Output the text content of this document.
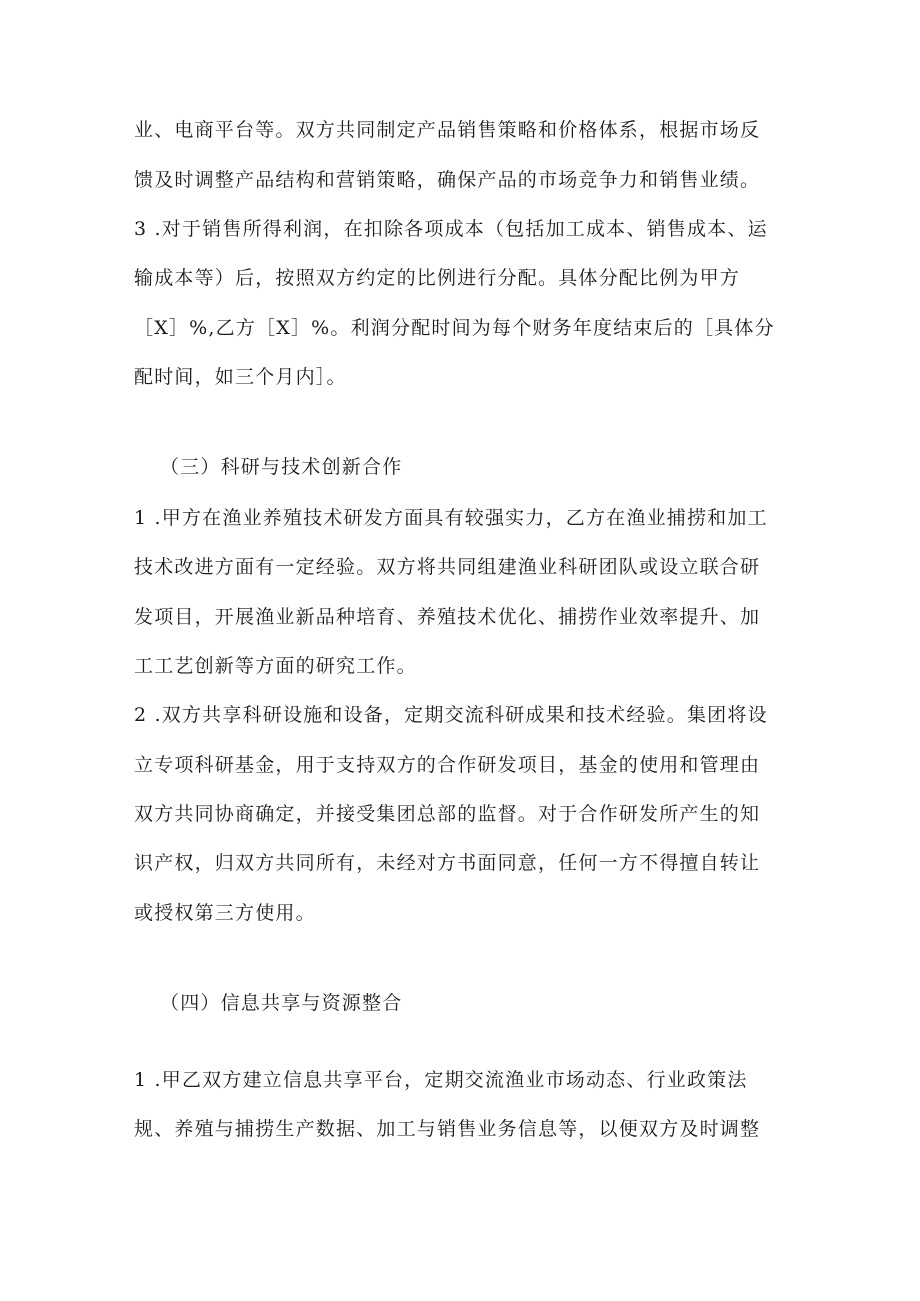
业、电商平台等。双方共同制定产品销售策略和价格体系，根据市场反
馈及时调整产品结构和营销策略，确保产品的市场竞争力和销售业绩。
3 .对于销售所得利润，在扣除各项成本（包括加工成本、销售成本、运
输成本等）后，按照双方约定的比例进行分配。具体分配比例为甲方
［X］%,乙方［X］%。利润分配时间为每个财务年度结束后的［具体分
配时间，如三个月内］。
（三）科研与技术创新合作
1 .甲方在渔业养殖技术研发方面具有较强实力，乙方在渔业捕捞和加工
技术改进方面有一定经验。双方将共同组建渔业科研团队或设立联合研
发项目，开展渔业新品种培育、养殖技术优化、捕捞作业效率提升、加
工工艺创新等方面的研究工作。
2 .双方共享科研设施和设备，定期交流科研成果和技术经验。集团将设
立专项科研基金，用于支持双方的合作研发项目，基金的使用和管理由
双方共同协商确定，并接受集团总部的监督。对于合作研发所产生的知
识产权，归双方共同所有，未经对方书面同意，任何一方不得擅自转让
或授权第三方使用。
（四）信息共享与资源整合
1 .甲乙双方建立信息共享平台，定期交流渔业市场动态、行业政策法
规、养殖与捕捞生产数据、加工与销售业务信息等，以便双方及时调整
